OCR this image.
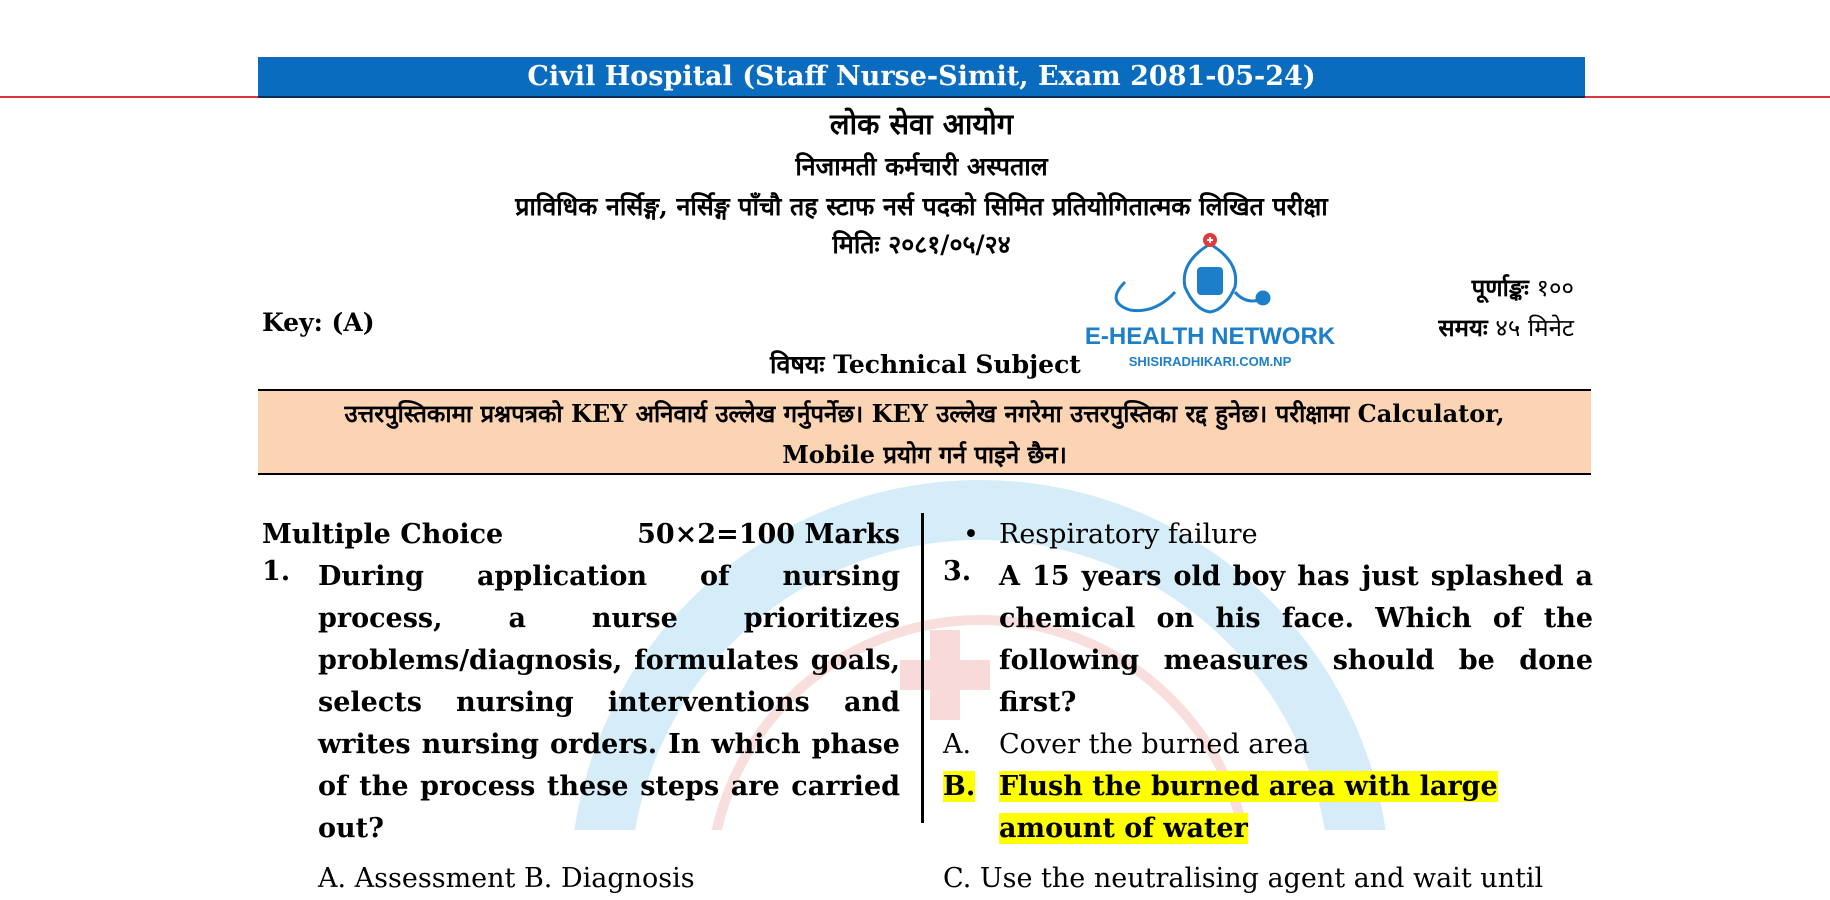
Civil Hospital (Staff Nurse-Simit, Exam 2081-05-24)
लोक सेवा आयोग
निजामती कर्मचारी अस्पताल
प्राविधिक नर्सिङ्ग, नर्सिङ्ग पाँचौ तह स्टाफ नर्स पदको सिमित प्रतियोगितात्मक लिखित परीक्षा
मितिः २०८१/०५/२४
Key: (A)	E-HEALTH NETWORK
SHISIRADHIKARI.COM.NP
पूर्णाङ्कः १००
समयः ४५ मिनेट
विषयः Technical Subject
उत्तरपुस्तिकामा प्रश्नपत्रको KEY अनिवार्य उल्लेख गर्नुपर्नेछ। KEY उल्लेख नगरेमा उत्तरपुस्तिका रद्द हुनेछ। परीक्षामा Calculator,
Mobile प्रयोग गर्न पाइने छैन।
Multiple Choice	50×2=100 Marks
1.	During application of nursing process, a nurse prioritizes problems/diagnosis, formulates goals, selects nursing interventions and writes nursing orders. In which phase of the process these steps are carried out?
A. Assessment B. Diagnosis
• Respiratory failure
3.	A 15 years old boy has just splashed a chemical on his face. Which of the following measures should be done first?
A.	Cover the burned area
B. Flush the burned area with large amount of water
C. Use the neutralising agent and wait until
